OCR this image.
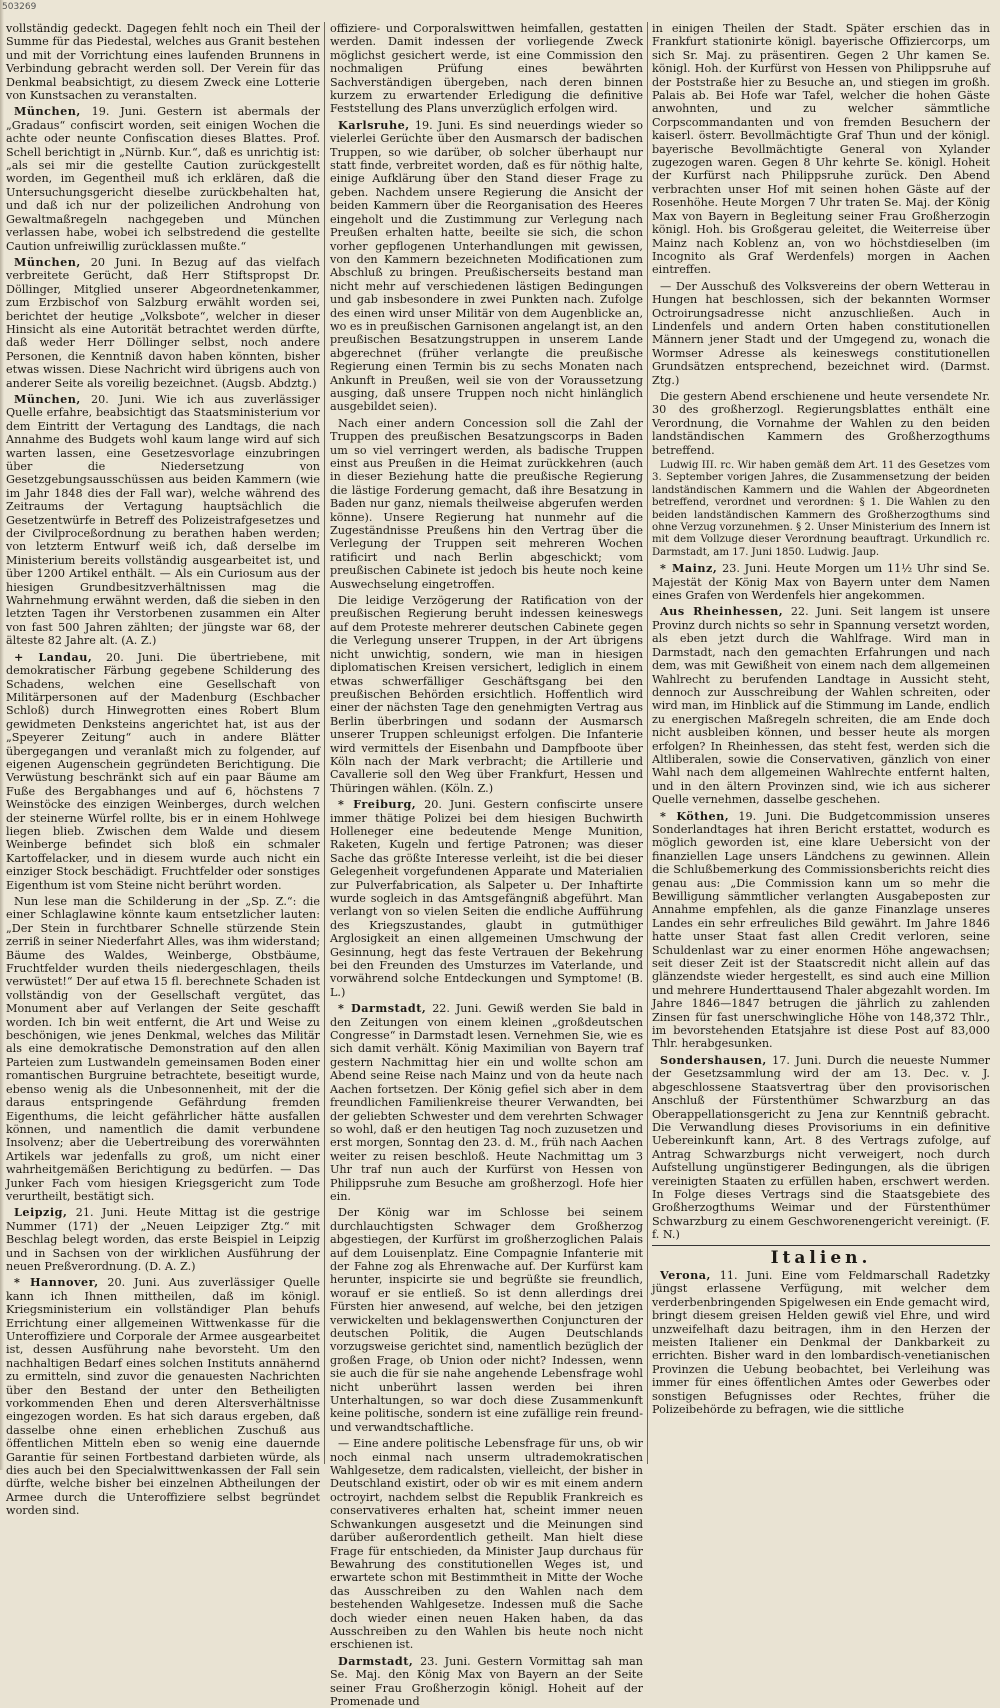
503269

vollständig gedeckt. Dagegen fehlt noch ein Theil der Summe für das Piedestal, welches aus Granit bestehen und mit der Vorrichtung eines laufenden Brunnens in Verbindung gebracht werden soll. Der Verein für das Denkmal beabsichtigt, zu diesem Zweck eine Lotterie von Kunstsachen zu veranstalten.

München, 19. Juni. Gestern ist abermals der „Gradaus“ confiscirt worden, seit einigen Wochen die achte oder neunte Confiscation dieses Blattes. Prof. Schell berichtigt in „Nürnb. Kur.“, daß es unrichtig ist: „als sei mir die gestellte Caution zurückgestellt worden, im Gegentheil muß ich erklären, daß die Untersuchungsgericht dieselbe zurückbehalten hat, und daß ich nur der polizeilichen Androhung von Gewaltmaßregeln nachgegeben und München verlassen habe, wobei ich selbstredend die gestellte Caution unfreiwillig zurücklassen mußte.“

München, 20 Juni. In Bezug auf das vielfach verbreitete Gerücht, daß Herr Stiftspropst Dr. Döllinger, Mitglied unserer Abgeordnetenkammer, zum Erzbischof von Salzburg erwählt worden sei, berichtet der heutige „Volksbote“, welcher in dieser Hinsicht als eine Autorität betrachtet werden dürfte, daß weder Herr Döllinger selbst, noch andere Personen, die Kenntniß davon haben könnten, bisher etwas wissen. Diese Nachricht wird übrigens auch von anderer Seite als voreilig bezeichnet. (Augsb. Abdztg.)

München, 20. Juni. Wie ich aus zuverlässiger Quelle erfahre, beabsichtigt das Staatsministerium vor dem Eintritt der Vertagung des Landtags, die nach Annahme des Budgets wohl kaum lange wird auf sich warten lassen, eine Gesetzesvorlage einzubringen über die Niedersetzung von Gesetzgebungsausschüssen aus beiden Kammern (wie im Jahr 1848 dies der Fall war), welche während des Zeitraums der Vertagung hauptsächlich die Gesetzentwürfe in Betreff des Polizeistrafgesetzes und der Civilproceßordnung zu berathen haben werden; von letzterm Entwurf weiß ich, daß derselbe im Ministerium bereits vollständig ausgearbeitet ist, und über 1200 Artikel enthält. — Als ein Curiosum aus der hiesigen Grundbesitzverhältnissen mag die Wahrnehmung erwähnt werden, daß die sieben in den letzten Tagen ihr Verstorbenen zusammen ein Alter von fast 500 Jahren zählten; der jüngste war 68, der älteste 82 Jahre alt. (A. Z.)

+ Landau, 20. Juni. Die übertriebene, mit demokratischer Färbung gegebene Schilderung des Schadens, welchen eine Gesellschaft von Militärpersonen auf der Madenburg (Eschbacher Schloß) durch Hinwegrotten eines Robert Blum gewidmeten Denksteins angerichtet hat, ist aus der „Speyerer Zeitung“ auch in andere Blätter übergegangen und veranlaßt mich zu folgender, auf eigenen Augenschein gegründeten Berichtigung. Die Verwüstung beschränkt sich auf ein paar Bäume am Fuße des Bergabhanges und auf 6, höchstens 7 Weinstöcke des einzigen Weinberges, durch welchen der steinerne Würfel rollte, bis er in einem Hohlwege liegen blieb. Zwischen dem Walde und diesem Weinberge befindet sich bloß ein schmaler Kartoffelacker, und in diesem wurde auch nicht ein einziger Stock beschädigt. Fruchtfelder oder sonstiges Eigenthum ist vom Steine nicht berührt worden.

Nun lese man die Schilderung in der „Sp. Z.“: die einer Schlaglawine könnte kaum entsetzlicher lauten: „Der Stein in furchtbarer Schnelle stürzende Stein zerriß in seiner Niederfahrt Alles, was ihm widerstand; Bäume des Waldes, Weinberge, Obstbäume, Fruchtfelder wurden theils niedergeschlagen, theils verwüstet!“ Der auf etwa 15 fl. berechnete Schaden ist vollständig von der Gesellschaft vergütet, das Monument aber auf Verlangen der Seite geschafft worden. Ich bin weit entfernt, die Art und Weise zu beschönigen, wie jenes Denkmal, welches das Militär als eine demokratische Demonstration auf den allen Parteien zum Lustwandeln gemeinsamen Boden einer romantischen Burgruine betrachtete, beseitigt wurde, ebenso wenig als die Unbesonnenheit, mit der die daraus entspringende Gefährdung fremden Eigenthums, die leicht gefährlicher hätte ausfallen können, und namentlich die damit verbundene Insolvenz; aber die Uebertreibung des vorerwähnten Artikels war jedenfalls zu groß, um nicht einer wahrheitgemäßen Berichtigung zu bedürfen. — Das Junker Fach vom hiesigen Kriegsgericht zum Tode verurtheilt, bestätigt sich.

Leipzig, 21. Juni. Heute Mittag ist die gestrige Nummer (171) der „Neuen Leipziger Ztg.“ mit Beschlag belegt worden, das erste Beispiel in Leipzig und in Sachsen von der wirklichen Ausführung der neuen Preßverordnung. (D. A. Z.)

* Hannover, 20. Juni. Aus zuverlässiger Quelle kann ich Ihnen mittheilen, daß im königl. Kriegsministerium ein vollständiger Plan behufs Errichtung einer allgemeinen Wittwenkasse für die Unteroffiziere und Corporale der Armee ausgearbeitet ist, dessen Ausführung nahe bevorsteht. Um den nachhaltigen Bedarf eines solchen Instituts annähernd zu ermitteln, sind zuvor die genauesten Nachrichten über den Bestand der unter den Betheiligten vorkommenden Ehen und deren Altersverhältnisse eingezogen worden. Es hat sich daraus ergeben, daß dasselbe ohne einen erheblichen Zuschuß aus öffentlichen Mitteln eben so wenig eine dauernde Garantie für seinen Fortbestand darbieten würde, als dies auch bei den Specialwittwenkassen der Fall sein dürfte, welche bisher bei einzelnen Abtheilungen der Armee durch die Unteroffiziere selbst begründet worden sind.

offiziere- und Corporalswittwen heimfallen, gestatten werden. Damit indessen der vorliegende Zweck möglichst gesichert werde, ist eine Commission den nochmaligen Prüfung eines bewährten Sachverständigen übergeben, nach deren binnen kurzem zu erwartender Erledigung die definitive Feststellung des Plans unverzüglich erfolgen wird.

Karlsruhe, 19. Juni. Es sind neuerdings wieder so vielerlei Gerüchte über den Ausmarsch der badischen Truppen, so wie darüber, ob solcher überhaupt nur statt finde, verbreitet worden, daß es für nöthig halte, einige Aufklärung über den Stand dieser Frage zu geben. Nachdem unsere Regierung die Ansicht der beiden Kammern über die Reorganisation des Heeres eingeholt und die Zustimmung zur Verlegung nach Preußen erhalten hatte, beeilte sie sich, die schon vorher gepflogenen Unterhandlungen mit gewissen, von den Kammern bezeichneten Modificationen zum Abschluß zu bringen. Preußischerseits bestand man nicht mehr auf verschiedenen lästigen Bedingungen und gab insbesondere in zwei Punkten nach. Zufolge des einen wird unser Militär von dem Augenblicke an, wo es in preußischen Garnisonen angelangt ist, an den preußischen Besatzungstruppen in unserem Lande abgerechnet (früher verlangte die preußische Regierung einen Termin bis zu sechs Monaten nach Ankunft in Preußen, weil sie von der Voraussetzung ausging, daß unsere Truppen noch nicht hinlänglich ausgebildet seien).

Nach einer andern Concession soll die Zahl der Truppen des preußischen Besatzungscorps in Baden um so viel verringert werden, als badische Truppen einst aus Preußen in die Heimat zurückkehren (auch in dieser Beziehung hatte die preußische Regierung die lästige Forderung gemacht, daß ihre Besatzung in Baden nur ganz, niemals theilweise abgerufen werden könne). Unsere Regierung hat nunmehr auf die Zugeständnisse Preußens hin den Vertrag über die Verlegung der Truppen seit mehreren Wochen ratificirt und nach Berlin abgeschickt; vom preußischen Cabinete ist jedoch bis heute noch keine Auswechselung eingetroffen.

Die leidige Verzögerung der Ratification von der preußischen Regierung beruht indessen keineswegs auf dem Proteste mehrerer deutschen Cabinete gegen die Verlegung unserer Truppen, in der Art übrigens nicht unwichtig, sondern, wie man in hiesigen diplomatischen Kreisen versichert, lediglich in einem etwas schwerfälliger Geschäftsgang bei den preußischen Behörden ersichtlich. Hoffentlich wird einer der nächsten Tage den genehmigten Vertrag aus Berlin überbringen und sodann der Ausmarsch unserer Truppen schleunigst erfolgen. Die Infanterie wird vermittels der Eisenbahn und Dampfboote über Köln nach der Mark verbracht; die Artillerie und Cavallerie soll den Weg über Frankfurt, Hessen und Thüringen wählen. (Köln. Z.)

* Freiburg, 20. Juni. Gestern confiscirte unsere immer thätige Polizei bei dem hiesigen Buchwirth Holleneger eine bedeutende Menge Munition, Raketen, Kugeln und fertige Patronen; was dieser Sache das größte Interesse verleiht, ist die bei dieser Gelegenheit vorgefundenen Apparate und Materialien zur Pulverfabrication, als Salpeter u. Der Inhaftirte wurde sogleich in das Amtsgefängniß abgeführt. Man verlangt von so vielen Seiten die endliche Aufführung des Kriegszustandes, glaubt in gutmüthiger Arglosigkeit an einen allgemeinen Umschwung der Gesinnung, hegt das feste Vertrauen der Bekehrung bei den Freunden des Umsturzes im Vaterlande, und vorwährend solche Entdeckungen und Symptome! (B. L.)

* Darmstadt, 22. Juni. Gewiß werden Sie bald in den Zeitungen von einem kleinen „großdeutschen Congresse“ in Darmstadt lesen. Vernehmen Sie, wie es sich damit verhält. König Maximilian von Bayern traf gestern Nachmittag hier ein und wollte schon am Abend seine Reise nach Mainz und von da heute nach Aachen fortsetzen. Der König gefiel sich aber in dem freundlichen Familienkreise theurer Verwandten, bei der geliebten Schwester und dem verehrten Schwager so wohl, daß er den heutigen Tag noch zuzusetzen und erst morgen, Sonntag den 23. d. M., früh nach Aachen weiter zu reisen beschloß. Heute Nachmittag um 3 Uhr traf nun auch der Kurfürst von Hessen von Philippsruhe zum Besuche am großherzogl. Hofe hier ein.

Der König war im Schlosse bei seinem durchlauchtigsten Schwager dem Großherzog abgestiegen, der Kurfürst im großherzoglichen Palais auf dem Louisenplatz. Eine Compagnie Infanterie mit der Fahne zog als Ehrenwache auf. Der Kurfürst kam herunter, inspicirte sie und begrüßte sie freundlich, worauf er sie entließ. So ist denn allerdings drei Fürsten hier anwesend, auf welche, bei den jetzigen verwickelten und beklagenswerthen Conjuncturen der deutschen Politik, die Augen Deutschlands vorzugsweise gerichtet sind, namentlich bezüglich der großen Frage, ob Union oder nicht? Indessen, wenn sie auch die für sie nahe angehende Lebensfrage wohl nicht unberührt lassen werden bei ihren Unterhaltungen, so war doch diese Zusammenkunft keine politische, sondern ist eine zufällige rein freund- und verwandtschaftliche.

— Eine andere politische Lebensfrage für uns, ob wir noch einmal nach unserm ultrademokratischen Wahlgesetze, dem radicalsten, vielleicht, der bisher in Deutschland existirt, oder ob wir es mit einem andern octroyirt, nachdem selbst die Republik Frankreich es conservativeres erhalten hat, scheint immer neuen Schwankungen ausgesetzt und die Meinungen sind darüber außerordentlich getheilt. Man hielt diese Frage für entschieden, da Minister Jaup durchaus für Bewahrung des constitutionellen Weges ist, und erwartete schon mit Bestimmtheit in Mitte der Woche das Ausschreiben zu den Wahlen nach dem bestehenden Wahlgesetze. Indessen muß die Sache doch wieder einen neuen Haken haben, da das Ausschreiben zu den Wahlen bis heute noch nicht erschienen ist.

Darmstadt, 23. Juni. Gestern Vormittag sah man Se. Maj. den König Max von Bayern an der Seite seiner Frau Großherzogin königl. Hoheit auf der Promenade und

in einigen Theilen der Stadt. Später erschien das in Frankfurt stationirte königl. bayerische Offiziercorps, um sich Sr. Maj. zu präsentiren. Gegen 2 Uhr kamen Se. königl. Hoh. der Kurfürst von Hessen von Philippsruhe auf der Poststraße hier zu Besuche an, und stiegen im großh. Palais ab. Bei Hofe war Tafel, welcher die hohen Gäste anwohnten, und zu welcher sämmtliche Corpscommandanten und von fremden Besuchern der kaiserl. österr. Bevollmächtigte Graf Thun und der königl. bayerische Bevollmächtigte General von Xylander zugezogen waren. Gegen 8 Uhr kehrte Se. königl. Hoheit der Kurfürst nach Philippsruhe zurück. Den Abend verbrachten unser Hof mit seinen hohen Gäste auf der Rosenhöhe. Heute Morgen 7 Uhr traten Se. Maj. der König Max von Bayern in Begleitung seiner Frau Großherzogin königl. Hoh. bis Großgerau geleitet, die Weiterreise über Mainz nach Koblenz an, von wo höchstdieselben (im Incognito als Graf Werdenfels) morgen in Aachen eintreffen.

— Der Ausschuß des Volksvereins der obern Wetterau in Hungen hat beschlossen, sich der bekannten Wormser Octroirungsadresse nicht anzuschließen. Auch in Lindenfels und andern Orten haben constitutionellen Männern jener Stadt und der Umgegend zu, wonach die Wormser Adresse als keineswegs constitutionellen Grundsätzen entsprechend, bezeichnet wird. (Darmst. Ztg.)

Die gestern Abend erschienene und heute versendete Nr. 30 des großherzogl. Regierungsblattes enthält eine Verordnung, die Vornahme der Wahlen zu den beiden landständischen Kammern des Großherzogthums betreffend.

Ludwig III. rc. Wir haben gemäß dem Art. 11 des Gesetzes vom 3. September vorigen Jahres, die Zusammensetzung der beiden landständischen Kammern und die Wahlen der Abgeordneten betreffend, verordnet und verordnen: § 1. Die Wahlen zu den beiden landständischen Kammern des Großherzogthums sind ohne Verzug vorzunehmen. § 2. Unser Ministerium des Innern ist mit dem Vollzuge dieser Verordnung beauftragt. Urkundlich rc. Darmstadt, am 17. Juni 1850. Ludwig. Jaup.

* Mainz, 23. Juni. Heute Morgen um 11½ Uhr sind Se. Majestät der König Max von Bayern unter dem Namen eines Grafen von Werdenfels hier angekommen.

Aus Rheinhessen, 22. Juni. Seit langem ist unsere Provinz durch nichts so sehr in Spannung versetzt worden, als eben jetzt durch die Wahlfrage. Wird man in Darmstadt, nach den gemachten Erfahrungen und nach dem, was mit Gewißheit von einem nach dem allgemeinen Wahlrecht zu berufenden Landtage in Aussicht steht, dennoch zur Ausschreibung der Wahlen schreiten, oder wird man, im Hinblick auf die Stimmung im Lande, endlich zu energischen Maßregeln schreiten, die am Ende doch nicht ausbleiben können, und besser heute als morgen erfolgen? In Rheinhessen, das steht fest, werden sich die Altliberalen, sowie die Conservativen, gänzlich von einer Wahl nach dem allgemeinen Wahlrechte entfernt halten, und in den ältern Provinzen sind, wie ich aus sicherer Quelle vernehmen, dasselbe geschehen.

* Köthen, 19. Juni. Die Budgetcommission unseres Sonderlandtages hat ihren Bericht erstattet, wodurch es möglich geworden ist, eine klare Uebersicht von der finanziellen Lage unsers Ländchens zu gewinnen. Allein die Schlußbemerkung des Commissionsberichts reicht dies genau aus: „Die Commission kann um so mehr die Bewilligung sämmtlicher verlangten Ausgabeposten zur Annahme empfehlen, als die ganze Finanzlage unseres Landes ein sehr erfreuliches Bild gewährt. Im Jahre 1846 hatte unser Staat fast allen Credit verloren, seine Schuldenlast war zu einer enormen Höhe angewachsen; seit dieser Zeit ist der Staatscredit nicht allein auf das glänzendste wieder hergestellt, es sind auch eine Million und mehrere Hunderttausend Thaler abgezahlt worden. Im Jahre 1846—1847 betrugen die jährlich zu zahlenden Zinsen für fast unerschwingliche Höhe von 148,372 Thlr., im bevorstehenden Etatsjahre ist diese Post auf 83,000 Thlr. herabgesunken.

Sondershausen, 17. Juni. Durch die neueste Nummer der Gesetzsammlung wird der am 13. Dec. v. J. abgeschlossene Staatsvertrag über den provisorischen Anschluß der Fürstenthümer Schwarzburg an das Oberappellationsgericht zu Jena zur Kenntniß gebracht. Die Verwandlung dieses Provisoriums in ein definitive Uebereinkunft kann, Art. 8 des Vertrags zufolge, auf Antrag Schwarzburgs nicht verweigert, noch durch Aufstellung ungünstigerer Bedingungen, als die übrigen vereinigten Staaten zu erfüllen haben, erschwert werden. In Folge dieses Vertrags sind die Staatsgebiete des Großherzogthums Weimar und der Fürstenthümer Schwarzburg zu einem Geschworenengericht vereinigt. (F. f. N.)

Italien.

Verona, 11. Juni. Eine vom Feldmarschall Radetzky jüngst erlassene Verfügung, mit welcher dem verderbenbringenden Spigelwesen ein Ende gemacht wird, bringt diesem greisen Helden gewiß viel Ehre, und wird unzweifelhaft dazu beitragen, ihm in den Herzen der meisten Italiener ein Denkmal der Dankbarkeit zu errichten. Bisher ward in den lombardisch-venetianischen Provinzen die Uebung beobachtet, bei Verleihung was immer für eines öffentlichen Amtes oder Gewerbes oder sonstigen Befugnisses oder Rechtes, früher die Polizeibehörde zu befragen, wie die sittliche
